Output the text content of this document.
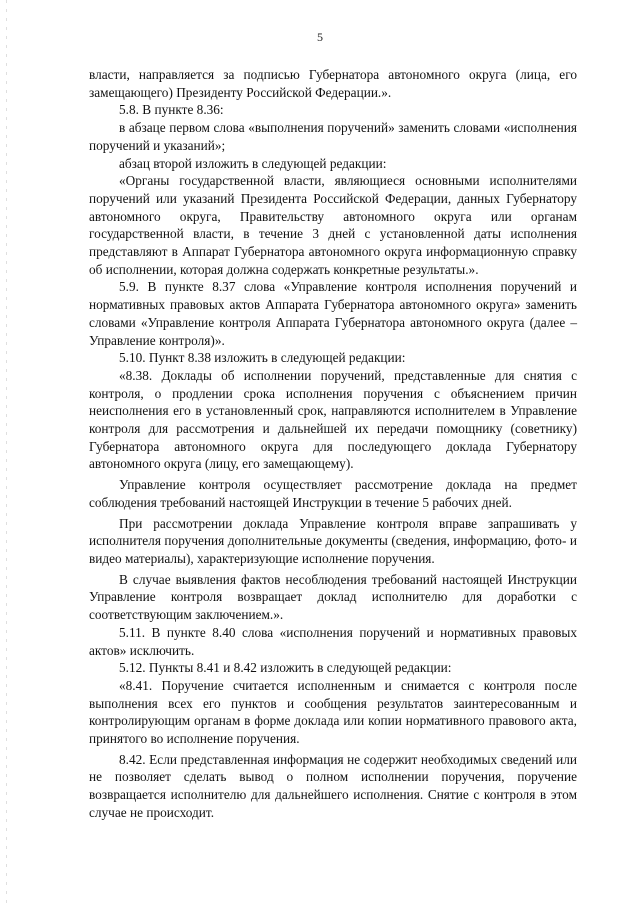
5

власти, направляется за подписью Губернатора автономного округа (лица, его замещающего) Президенту Российской Федерации.».

5.8. В пункте 8.36:

в абзаце первом слова «выполнения поручений» заменить словами «исполнения поручений и указаний»;

абзац второй изложить в следующей редакции:

«Органы государственной власти, являющиеся основными исполнителями поручений или указаний Президента Российской Федерации, данных Губернатору автономного округа, Правительству автономного округа или органам государственной власти, в течение 3 дней с установленной даты исполнения представляют в Аппарат Губернатора автономного округа информационную справку об исполнении, которая должна содержать конкретные результаты.».

5.9. В пункте 8.37 слова «Управление контроля исполнения поручений и нормативных правовых актов Аппарата Губернатора автономного округа» заменить словами «Управление контроля Аппарата Губернатора автономного округа (далее – Управление контроля)».

5.10. Пункт 8.38 изложить в следующей редакции:

«8.38. Доклады об исполнении поручений, представленные для снятия с контроля, о продлении срока исполнения поручения с объяснением причин неисполнения его в установленный срок, направляются исполнителем в Управление контроля для рассмотрения и дальнейшей их передачи помощнику (советнику) Губернатора автономного округа для последующего доклада Губернатору автономного округа (лицу, его замещающему).

Управление контроля осуществляет рассмотрение доклада на предмет соблюдения требований настоящей Инструкции в течение 5 рабочих дней.

При рассмотрении доклада Управление контроля вправе запрашивать у исполнителя поручения дополнительные документы (сведения, информацию, фото- и видео материалы), характеризующие исполнение поручения.

В случае выявления фактов несоблюдения требований настоящей Инструкции Управление контроля возвращает доклад исполнителю для доработки с соответствующим заключением.».

5.11. В пункте 8.40 слова «исполнения поручений и нормативных правовых актов» исключить.

5.12. Пункты 8.41 и 8.42 изложить в следующей редакции:

«8.41. Поручение считается исполненным и снимается с контроля после выполнения всех его пунктов и сообщения результатов заинтересованным и контролирующим органам в форме доклада или копии нормативного правового акта, принятого во исполнение поручения.

8.42. Если представленная информация не содержит необходимых сведений или не позволяет сделать вывод о полном исполнении поручения, поручение возвращается исполнителю для дальнейшего исполнения. Снятие с контроля в этом случае не происходит.
